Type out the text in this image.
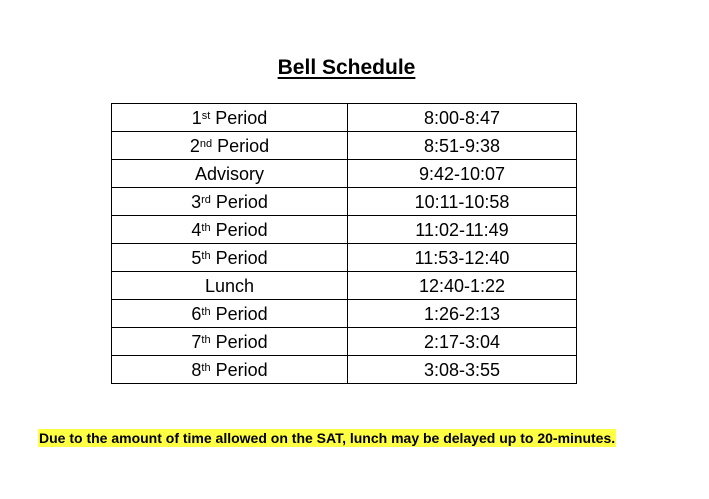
Bell Schedule
1st Period	8:00-8:47
2nd Period	8:51-9:38
Advisory	9:42-10:07
3rd Period	10:11-10:58
4th Period	11:02-11:49
5th Period	11:53-12:40
Lunch	12:40-1:22
6th Period	1:26-2:13
7th Period	2:17-3:04
8th Period	3:08-3:55
Due to the amount of time allowed on the SAT, lunch may be delayed up to 20-minutes.
